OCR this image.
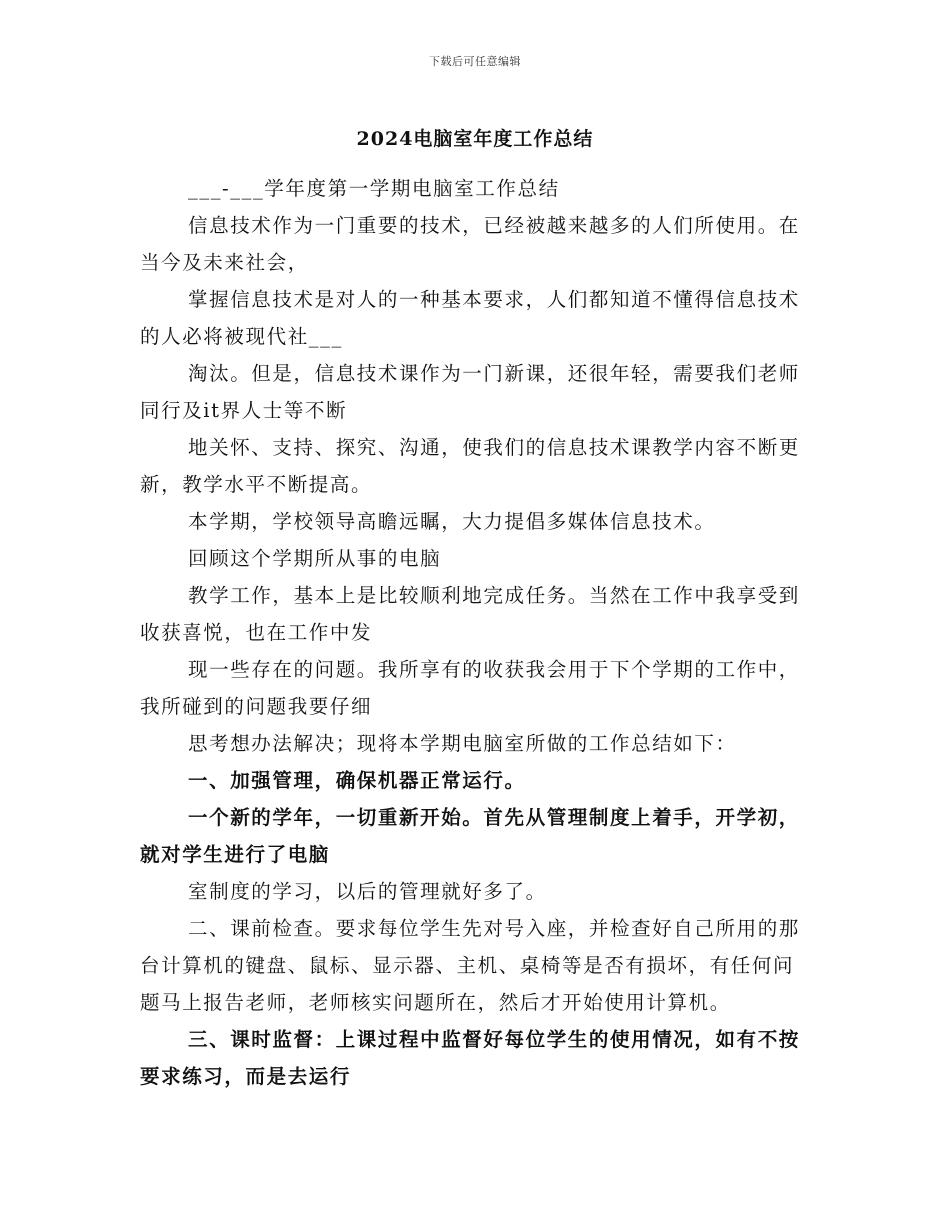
下载后可任意编辑
2024电脑室年度工作总结

___-___学年度第一学期电脑室工作总结

信息技术作为一门重要的技术，已经被越来越多的人们所使用。在当今及未来社会，

掌握信息技术是对人的一种基本要求，人们都知道不懂得信息技术的人必将被现代社___

淘汰。但是，信息技术课作为一门新课，还很年轻，需要我们老师同行及it界人士等不断

地关怀、支持、探究、沟通，使我们的信息技术课教学内容不断更新，教学水平不断提高。

本学期，学校领导高瞻远瞩，大力提倡多媒体信息技术。

回顾这个学期所从事的电脑

教学工作，基本上是比较顺利地完成任务。当然在工作中我享受到收获喜悦，也在工作中发

现一些存在的问题。我所享有的收获我会用于下个学期的工作中，我所碰到的问题我要仔细

思考想办法解决；现将本学期电脑室所做的工作总结如下：

一、加强管理，确保机器正常运行。

一个新的学年，一切重新开始。首先从管理制度上着手，开学初，就对学生进行了电脑

室制度的学习，以后的管理就好多了。

二、课前检查。要求每位学生先对号入座，并检查好自己所用的那台计算机的键盘、鼠标、显示器、主机、桌椅等是否有损坏，有任何问题马上报告老师，老师核实问题所在，然后才开始使用计算机。

三、课时监督：上课过程中监督好每位学生的使用情况，如有不按要求练习，而是去运行
